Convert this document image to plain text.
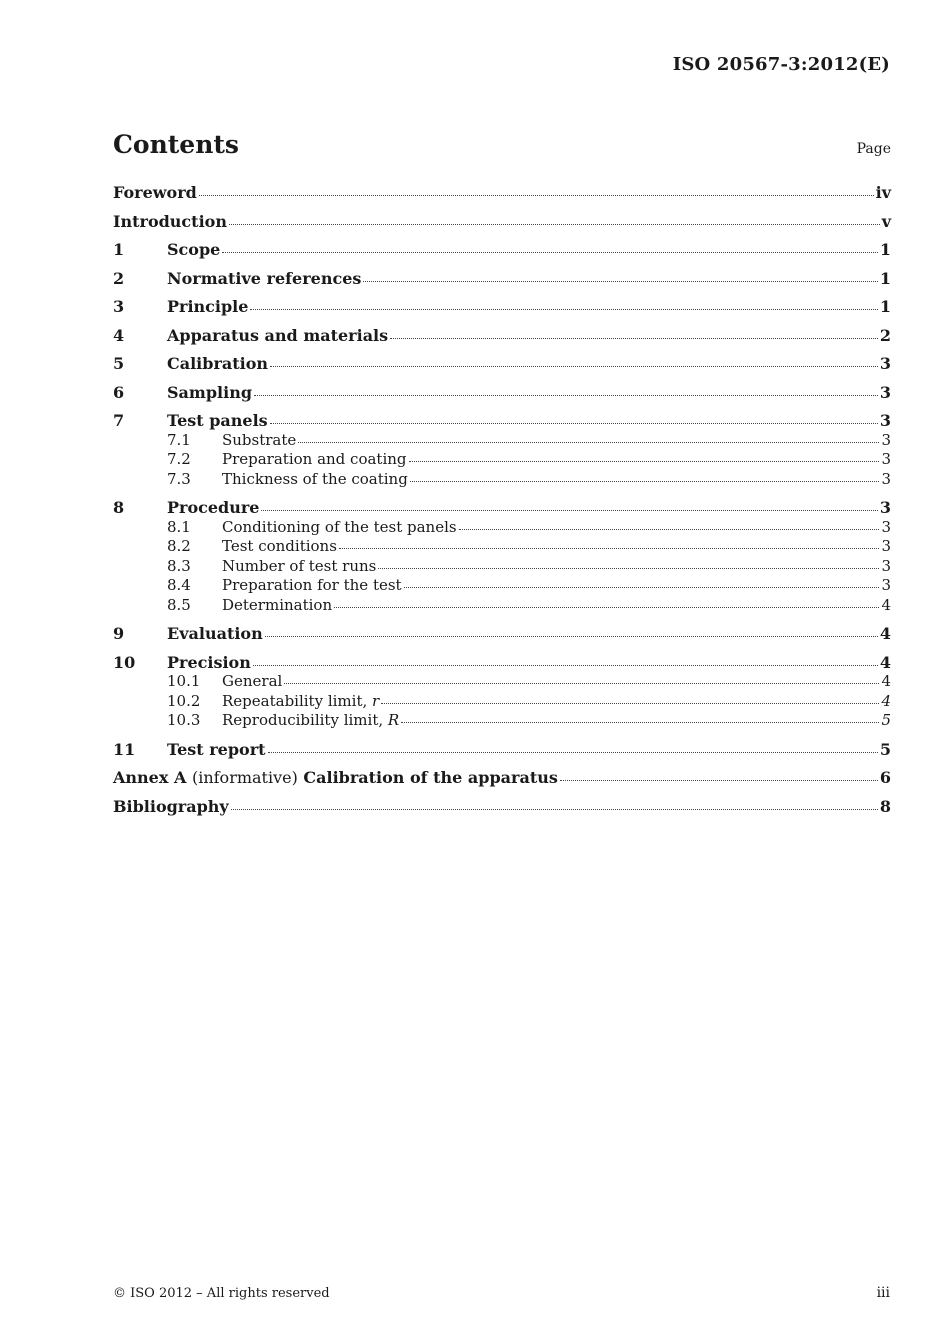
ISO 20567-3:2012(E)
Contents	Page
Foreword	iv
Introduction	v
1	Scope	1
2	Normative references	1
3	Principle	1
4	Apparatus and materials	2
5	Calibration	3
6	Sampling	3
7	Test panels	3
7.1	Substrate	3
7.2	Preparation and coating	3
7.3	Thickness of the coating	3
8	Procedure	3
8.1	Conditioning of the test panels	3
8.2	Test conditions	3
8.3	Number of test runs	3
8.4	Preparation for the test	3
8.5	Determination	4
9	Evaluation	4
10	Precision	4
10.1	General	4
10.2	Repeatability limit, r	4
10.3	Reproducibility limit, R	5
11	Test report	5
Annex A (informative) Calibration of the apparatus	6
Bibliography	8
© ISO 2012 – All rights reserved	iii
